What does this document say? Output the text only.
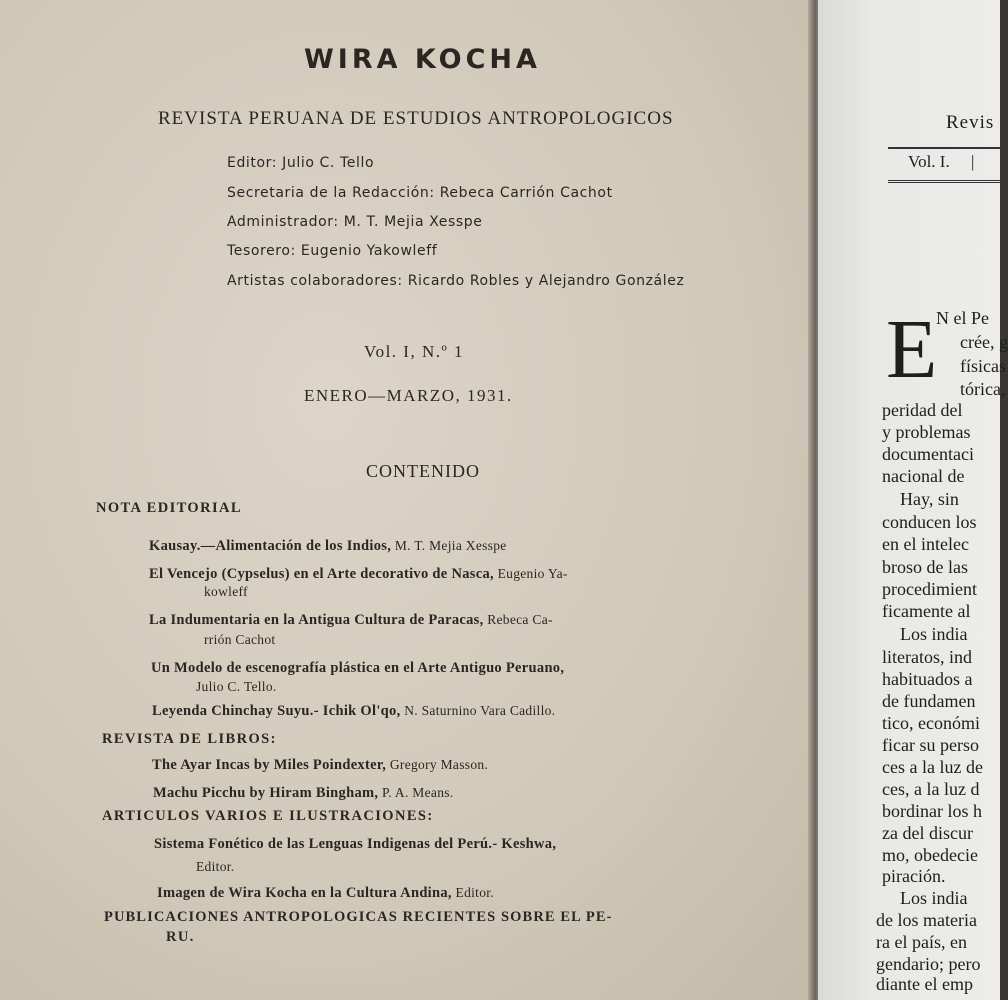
WIRA KOCHA
REVISTA PERUANA DE ESTUDIOS ANTROPOLOGICOS
Editor: Julio C. Tello
Secretaria de la Redacción: Rebeca Carrión Cachot
Administrador: M. T. Mejia Xesspe
Tesorero: Eugenio Yakowleff
Artistas colaboradores: Ricardo Robles y Alejandro González
Vol. I, N.º 1
ENERO—MARZO, 1931.
CONTENIDO
NOTA EDITORIAL
Kausay.—Alimentación de los Indios, M. T. Mejia Xesspe
El Vencejo (Cypselus) en el Arte decorativo de Nasca, Eugenio Ya-
kowleff
La Indumentaria en la Antigua Cultura de Paracas, Rebeca Ca-
rrión Cachot
Un Modelo de escenografía plástica en el Arte Antiguo Peruano,
Julio C. Tello.
Leyenda Chinchay Suyu.- Ichik Ol'qo, N. Saturnino Vara Cadillo.
REVISTA DE LIBROS:
The Ayar Incas by Miles Poindexter, Gregory Masson.
Machu Picchu by Hiram Bingham, P. A. Means.
ARTICULOS VARIOS E ILUSTRACIONES:
Sistema Fonético de las Lenguas Indigenas del Perú.- Keshwa,
Editor.
Imagen de Wira Kocha en la Cultura Andina, Editor.
PUBLICACIONES ANTROPOLOGICAS RECIENTES SOBRE EL PE-
RU.
Revis
Vol. I. |
E
N el Pe
crée, g
físicas
tórica,
peridad del
y problemas
documentaci
nacional de
Hay, sin
conducen los
en el intelec
broso de las
procedimient
ficamente al
Los india
literatos, ind
habituados a
de fundamen
tico, económi
ficar su perso
ces a la luz de
ces, a la luz d
bordinar los h
za del discur
mo, obedecie
piración.
Los india
de los materia
ra el país, en
gendario; pero
diante el emp
